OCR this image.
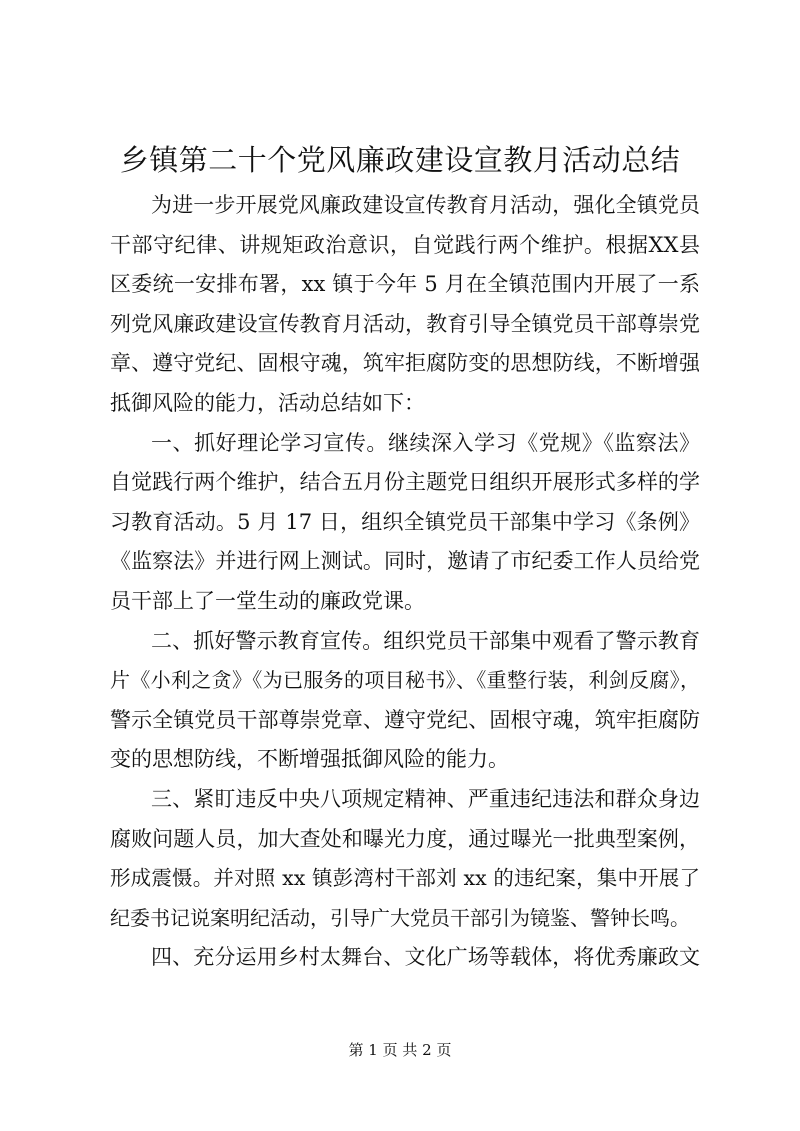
乡镇第二十个党风廉政建设宣教月活动总结
为进一步开展党风廉政建设宣传教育月活动，强化全镇党员
干部守纪律、讲规矩政治意识，自觉践行两个维护。根据XX县
区委统一安排布署，xx 镇于今年 5 月在全镇范围内开展了一系
列党风廉政建设宣传教育月活动，教育引导全镇党员干部尊崇党
章、遵守党纪、固根守魂，筑牢拒腐防变的思想防线，不断增强
抵御风险的能力，活动总结如下：
一、抓好理论学习宣传。继续深入学习《党规》《监察法》
自觉践行两个维护，结合五月份主题党日组织开展形式多样的学
习教育活动。5 月 17 日，组织全镇党员干部集中学习《条例》
《监察法》并进行网上测试。同时，邀请了市纪委工作人员给党
员干部上了一堂生动的廉政党课。
二、抓好警示教育宣传。组织党员干部集中观看了警示教育
片《小利之贪》《为已服务的项目秘书》、《重整行装，利剑反腐》，
警示全镇党员干部尊崇党章、遵守党纪、固根守魂，筑牢拒腐防
变的思想防线，不断增强抵御风险的能力。
三、紧盯违反中央八项规定精神、严重违纪违法和群众身边
腐败问题人员，加大查处和曝光力度，通过曝光一批典型案例，
形成震慑。并对照 xx 镇彭湾村干部刘 xx 的违纪案，集中开展了
纪委书记说案明纪活动，引导广大党员干部引为镜鉴、警钟长鸣。
四、充分运用乡村太舞台、文化广场等载体，将优秀廉政文
第 1 页 共 2 页
